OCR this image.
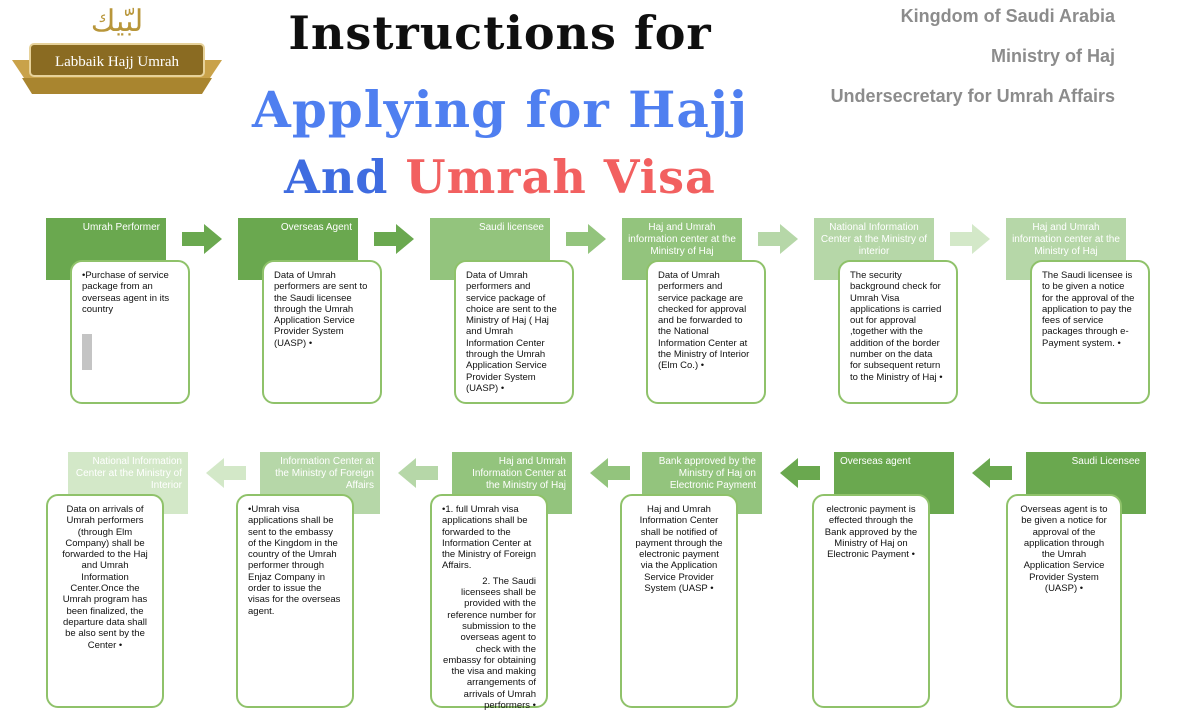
لبّيك
Labbaik Hajj Umrah
Instructions for
Applying for Hajj
And Umrah Visa
Kingdom of Saudi Arabia
Ministry of Haj
Undersecretary for Umrah Affairs
Umrah Performer
•Purchase of service package from an overseas agent in its country
Overseas Agent
Data of Umrah performers are sent to the Saudi licensee through the Umrah Application Service Provider System (UASP) •
Saudi licensee
Data of Umrah performers and service package of choice are sent to the Ministry of Haj ( Haj and Umrah Information Center through the Umrah Application Service Provider System (UASP) •
Haj and Umrah information center at the Ministry of Haj
Data of Umrah performers and service package are checked for approval and be forwarded to the National Information Center at the Ministry of Interior (Elm Co.) •
National Information Center at the Ministry of interior
The security background check for Umrah Visa applications is carried out for approval ,together with the addition of the border number on the data for subsequent return to the Ministry of Haj •
Haj and Umrah information center at the Ministry of Haj
The Saudi licensee is to be given a notice for the approval of the application to pay the fees of service packages through e-Payment system. •
Saudi Licensee
Overseas agent is to be given a notice for approval of the application through the Umrah Application Service Provider System (UASP) •
Overseas agent
electronic payment is effected through the Bank approved by the Ministry of Haj on Electronic Payment •
Bank approved by the Ministry of Haj on Electronic Payment
Haj and Umrah Information Center shall be notified of payment through the electronic payment via the Application Service Provider System (UASP •
Haj and Umrah Information Center at the Ministry of Haj
•1. full Umrah visa applications shall be forwarded to the Information Center at the Ministry of Foreign Affairs.
2. The Saudi licensees shall be provided with the reference number for submission to the overseas agent to check with the embassy for obtaining the visa and making arrangements of arrivals of Umrah performers •
Information Center at the Ministry of Foreign Affairs
•Umrah visa applications shall be sent to the embassy of the Kingdom in the country of the Umrah performer through Enjaz Company in order to issue the visas for the overseas agent.
National Information Center at the Ministry of Interior
Data on arrivals of Umrah performers (through Elm Company) shall be forwarded to the Haj and Umrah Information Center.Once the Umrah program has been finalized, the departure data shall be also sent by the Center •
